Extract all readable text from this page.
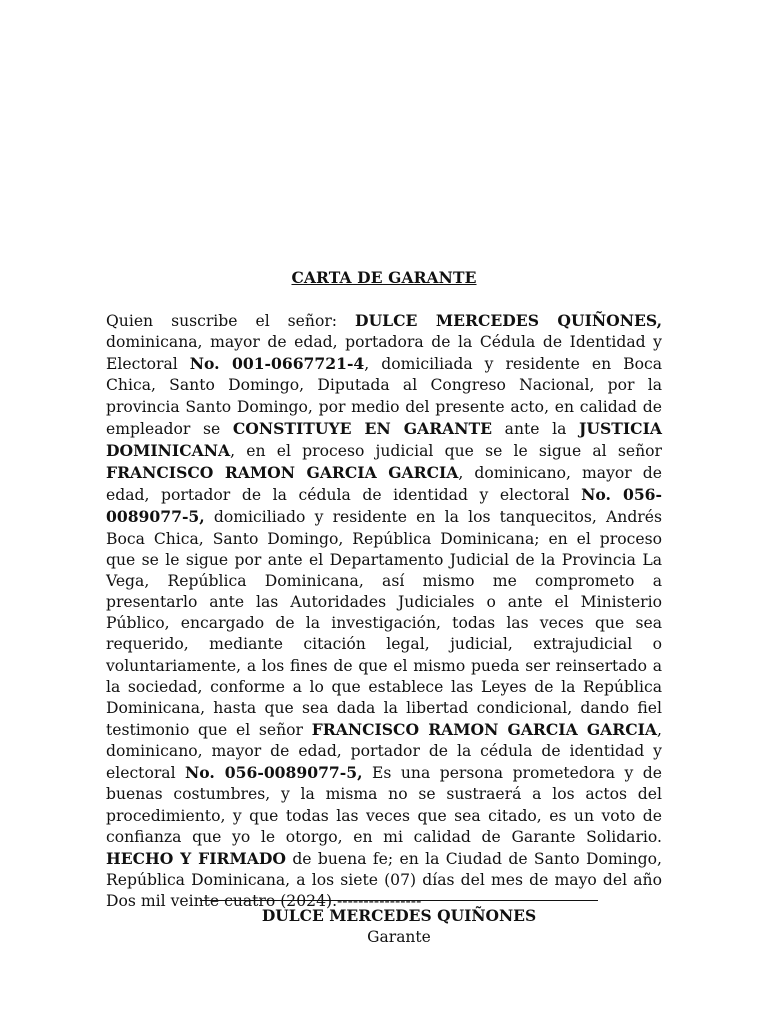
CARTA DE GARANTE

Quien suscribe el señor: DULCE MERCEDES QUIÑONES, dominicana, mayor de edad, portadora de la Cédula de Identidad y Electoral No. 001-0667721-4, domiciliada y residente en Boca Chica, Santo Domingo, Diputada al Congreso Nacional, por la provincia Santo Domingo, por medio del presente acto, en calidad de empleador se CONSTITUYE EN GARANTE ante la JUSTICIA DOMINICANA, en el proceso judicial que se le sigue al señor FRANCISCO RAMON GARCIA GARCIA, dominicano, mayor de edad, portador de la cédula de identidad y electoral No. 056-0089077-5, domiciliado y residente en la los tanquecitos, Andrés Boca Chica, Santo Domingo, República Dominicana; en el proceso que se le sigue por ante el Departamento Judicial de la Provincia La Vega, República Dominicana, así mismo me comprometo a presentarlo ante las Autoridades Judiciales o ante el Ministerio Público, encargado de la investigación, todas las veces que sea requerido, mediante citación legal, judicial, extrajudicial o voluntariamente, a los fines de que el mismo pueda ser reinsertado a la sociedad, conforme a lo que establece las Leyes de la República Dominicana, hasta que sea dada la libertad condicional, dando fiel testimonio que el señor FRANCISCO RAMON GARCIA GARCIA, dominicano, mayor de edad, portador de la cédula de identidad y electoral No. 056-0089077-5, Es una persona prometedora y de buenas costumbres, y la misma no se sustraerá a los actos del procedimiento, y que todas las veces que sea citado, es un voto de confianza que yo le otorgo, en mi calidad de Garante Solidario. HECHO Y FIRMADO de buena fe; en la Ciudad de Santo Domingo, República Dominicana, a los siete (07) días del mes de mayo del año Dos mil veinte cuatro (2024).----------------

DULCE MERCEDES QUIÑONES
Garante
